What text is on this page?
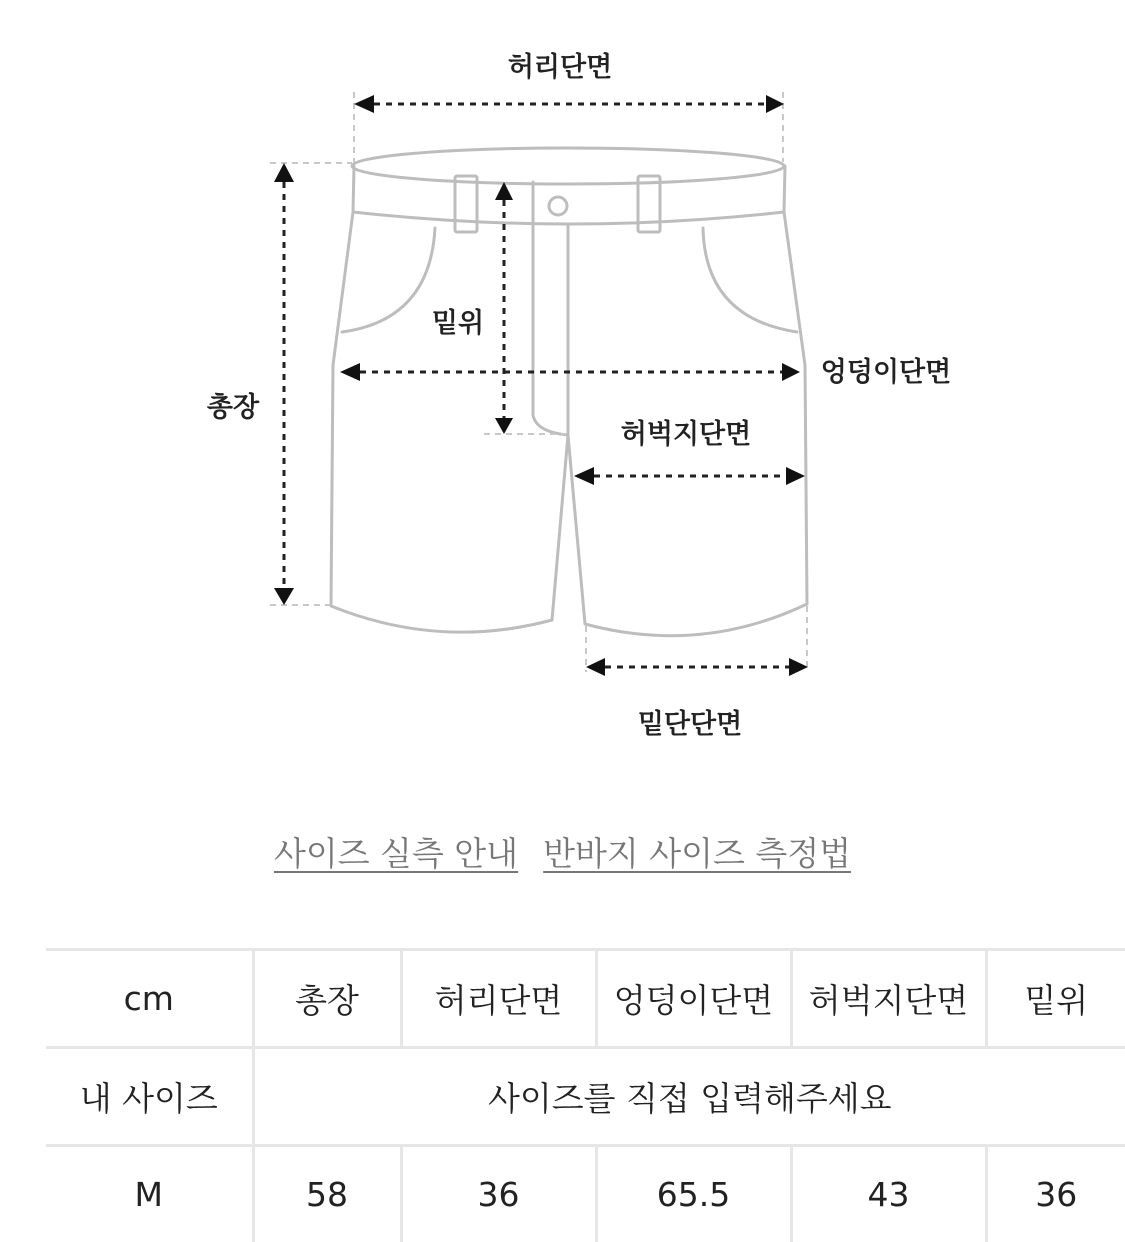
허리단면
밑위
총장
엉덩이단면
허벅지단면
밑단단면
사이즈 실측 안내 반바지 사이즈 측정법
cm	총장	허리단면	엉덩이단면	허벅지단면	밑위
내 사이즈	사이즈를 직접 입력해주세요				
M	58	36	65.5	43	36
